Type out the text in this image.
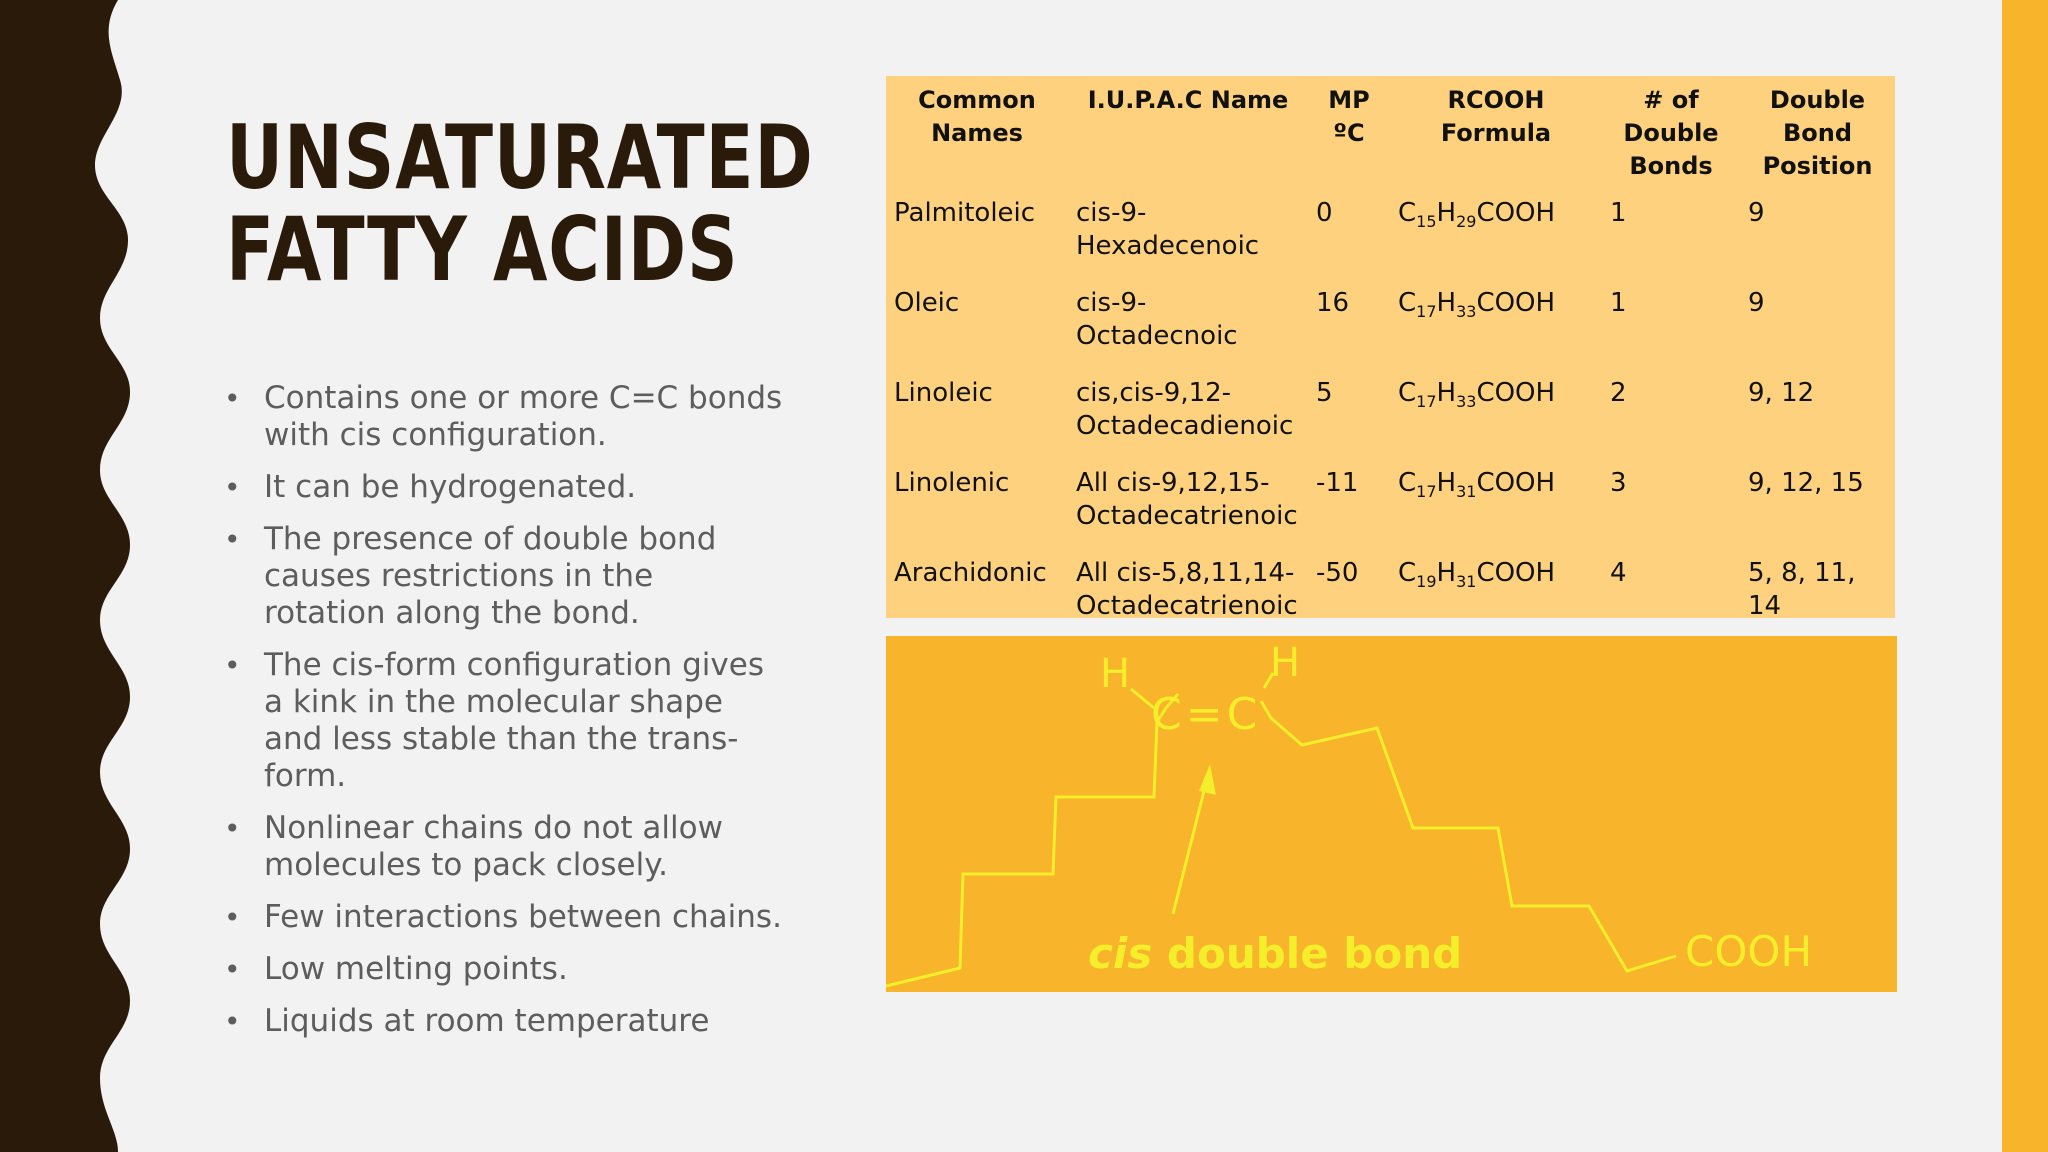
UNSATURATED
FATTY ACIDS
• Contains one or more C=C bonds with cis configuration.
• It can be hydrogenated.
• The presence of double bond causes restrictions in the rotation along the bond.
• The cis-form configuration gives a kink in the molecular shape and less stable than the trans-form.
• Nonlinear chains do not allow molecules to pack closely.
• Few interactions between chains.
• Low melting points.
• Liquids at room temperature
Common Names	I.U.P.A.C Name	MP ºC	RCOOH Formula	# of Double Bonds	Double Bond Position
Palmitoleic	cis-9-Hexadecenoic	0	$C_{15}H_{29}COOH$	1	9
Oleic	cis-9-Octadecnoic	16	$C_{17}H_{33}COOH$	1	9
Linoleic	cis,cis-9,12-Octadecadienoic	5	$C_{17}H_{33}COOH$	2	9, 12
Linolenic	All cis-9,12,15-Octadecatrienoic	-11	$C_{17}H_{31}COOH$	3	9, 12, 15
Arachidonic	All cis-5,8,11,14-Octadecatrienoic	-50	$C_{19}H_{31}COOH$	4	5, 8, 11, 14
H	H
C=C
COOH
cis double bond
